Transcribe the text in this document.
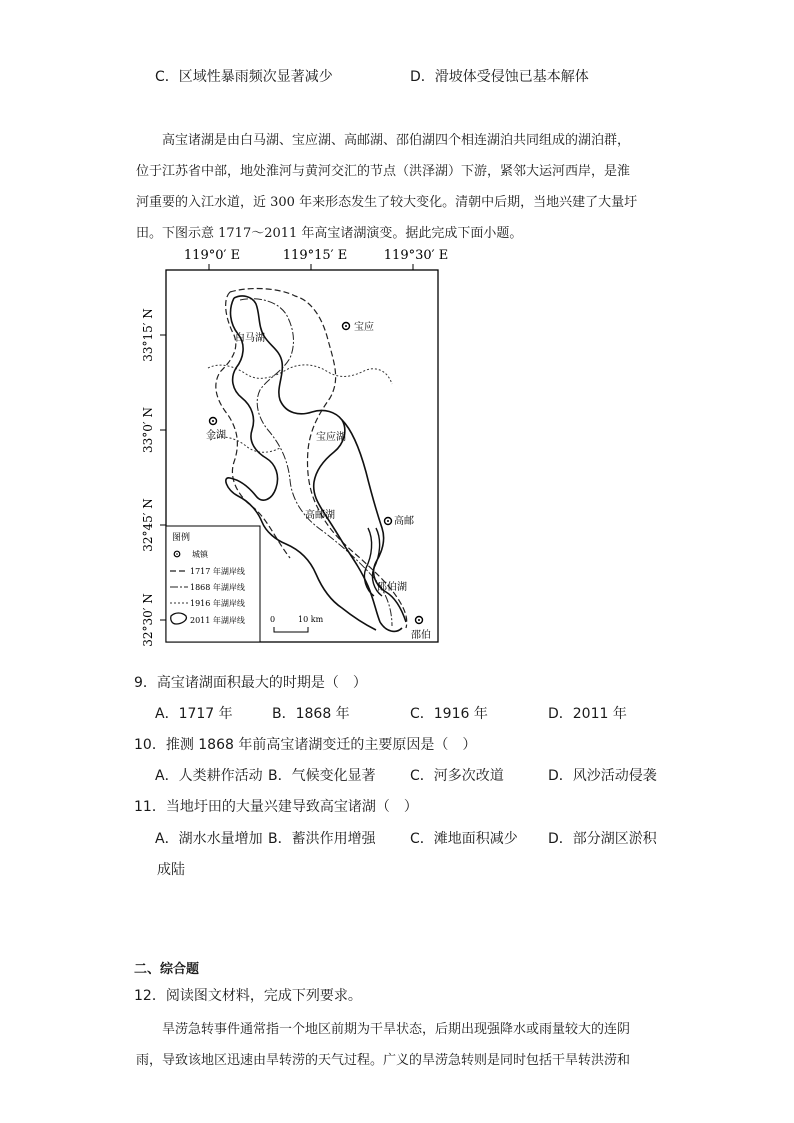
C．区域性暴雨频次显著减少	D．滑坡体受侵蚀已基本解体
高宝诸湖是由白马湖、宝应湖、高邮湖、邵伯湖四个相连湖泊共同组成的湖泊群，
位于江苏省中部，地处淮河与黄河交汇的节点（洪泽湖）下游，紧邻大运河西岸，是淮
河重要的入江水道，近 300 年来形态发生了较大变化。清朝中后期，当地兴建了大量圩
田。下图示意 1717～2011 年高宝诸湖演变。据此完成下面小题。
119°0′ E	119°15′ E	119°30′ E
33°15′ N
33°0′ N
32°45′ N
32°30′ N
宝应
金湖
高邮
邵伯
白马湖
宝应湖
高邮湖
邵伯湖
图例
城镇
1717 年湖岸线
1868 年湖岸线
1916 年湖岸线
2011 年湖岸线	0	10 km
9．高宝诸湖面积最大的时期是（　）
A．1717 年	B．1868 年	C．1916 年	D．2011 年
10．推测 1868 年前高宝诸湖变迁的主要原因是（　）
A．人类耕作活动 B．气候变化显著 C．河多次改道	D．风沙活动侵袭
11．当地圩田的大量兴建导致高宝诸湖（　）
A．湖水水量增加 B．蓄洪作用增强 C．滩地面积减少 D．部分湖区淤积
成陆
二、综合题
12．阅读图文材料，完成下列要求。
旱涝急转事件通常指一个地区前期为干旱状态，后期出现强降水或雨量较大的连阴
雨，导致该地区迅速由旱转涝的天气过程。广义的旱涝急转则是同时包括干旱转洪涝和
